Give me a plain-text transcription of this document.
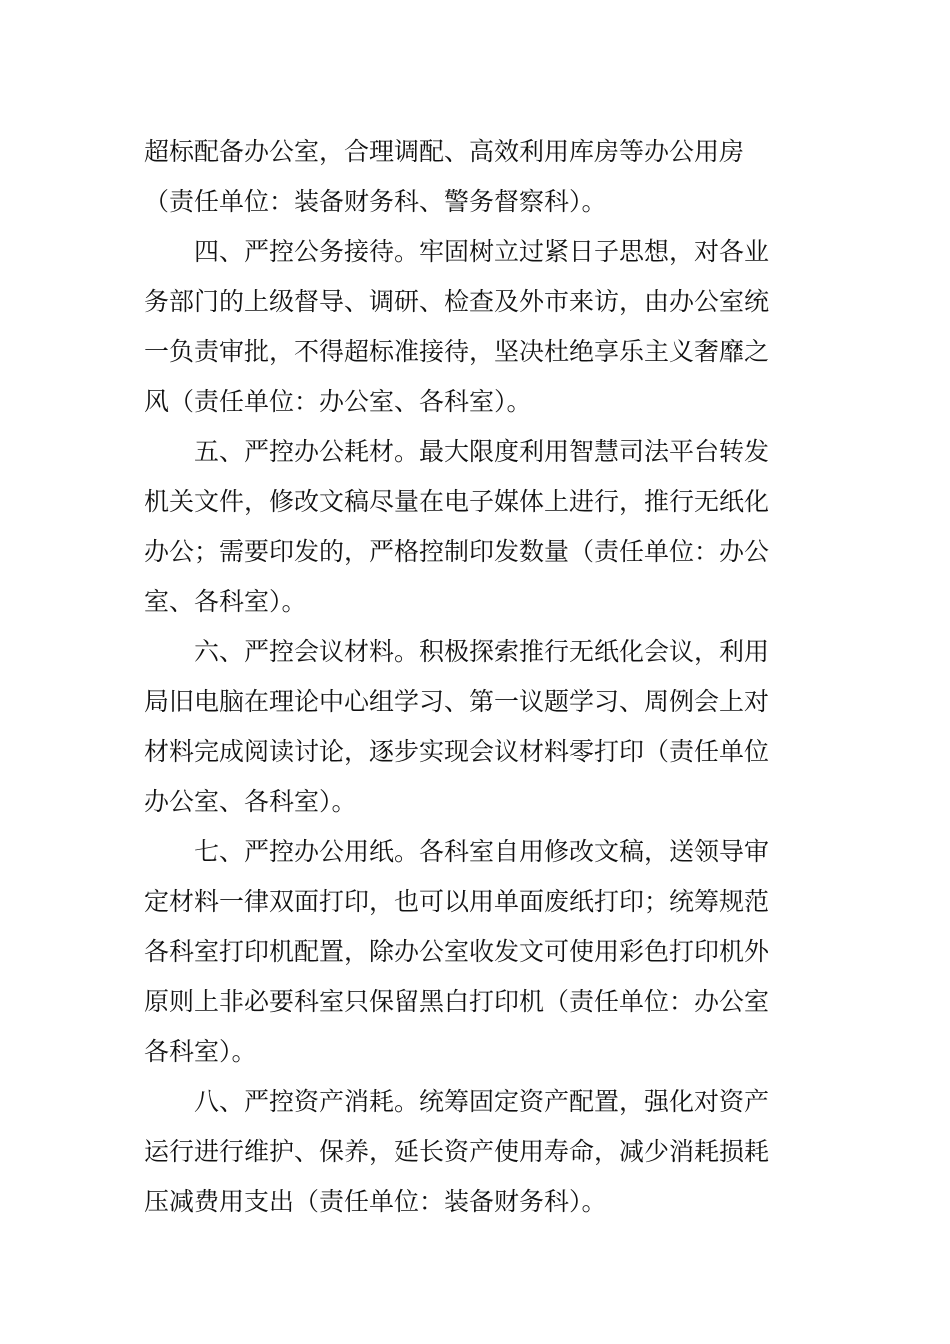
超标配备办公室，合理调配、高效利用库房等办公用房
（责任单位：装备财务科、警务督察科）。
四、严控公务接待。牢固树立过紧日子思想，对各业
务部门的上级督导、调研、检查及外市来访，由办公室统
一负责审批，不得超标准接待，坚决杜绝享乐主义奢靡之
风（责任单位：办公室、各科室）。
五、严控办公耗材。最大限度利用智慧司法平台转发
机关文件，修改文稿尽量在电子媒体上进行，推行无纸化
办公；需要印发的，严格控制印发数量（责任单位：办公
室、各科室）。
六、严控会议材料。积极探索推行无纸化会议，利用
局旧电脑在理论中心组学习、第一议题学习、周例会上对
材料完成阅读讨论，逐步实现会议材料零打印（责任单位
办公室、各科室）。
七、严控办公用纸。各科室自用修改文稿，送领导审
定材料一律双面打印，也可以用单面废纸打印；统筹规范
各科室打印机配置，除办公室收发文可使用彩色打印机外
原则上非必要科室只保留黑白打印机（责任单位：办公室
各科室）。
八、严控资产消耗。统筹固定资产配置，强化对资产
运行进行维护、保养，延长资产使用寿命，减少消耗损耗
压减费用支出（责任单位：装备财务科）。
